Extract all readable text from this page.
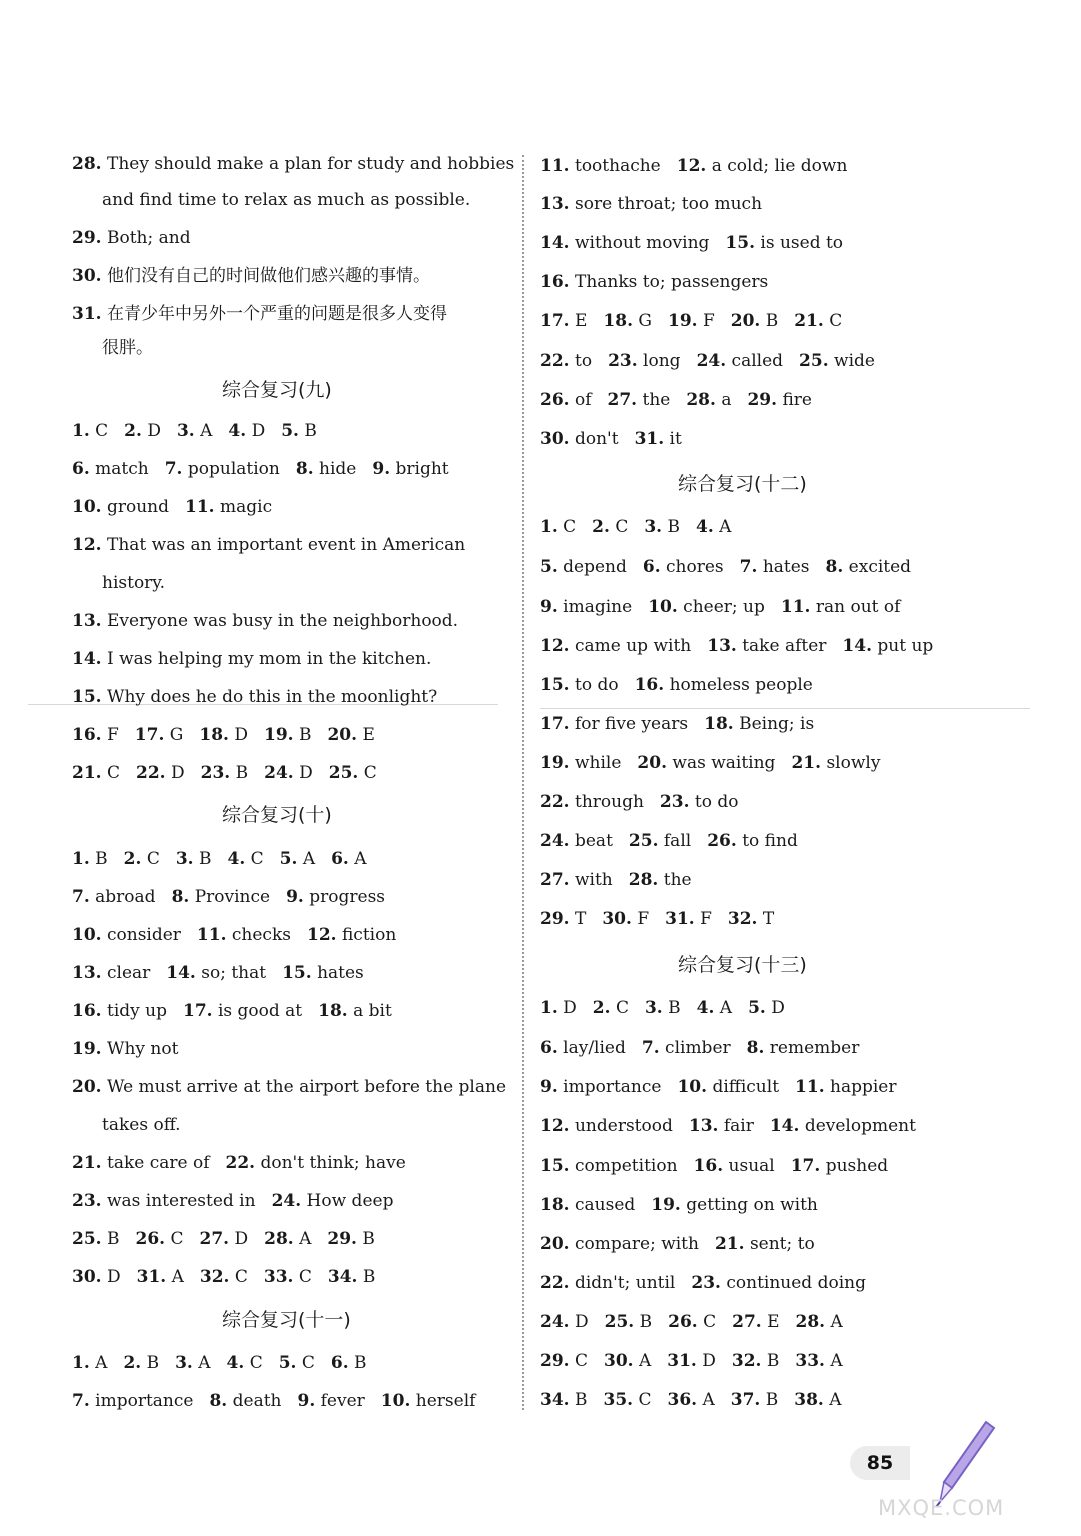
28. They should make a plan for study and hobbies
and find time to relax as much as possible.
29. Both; and
30. 他们没有自己的时间做他们感兴趣的事情。
31. 在青少年中另外一个严重的问题是很多人变得
很胖。
综合复习(九)
1. C 2. D 3. A 4. D 5. B
6. match 7. population 8. hide 9. bright
10. ground 11. magic
12. That was an important event in American
history.
13. Everyone was busy in the neighborhood.
14. I was helping my mom in the kitchen.
15. Why does he do this in the moonlight?
16. F 17. G 18. D 19. B 20. E
21. C 22. D 23. B 24. D 25. C
综合复习(十)
1. B 2. C 3. B 4. C 5. A 6. A
7. abroad 8. Province 9. progress
10. consider 11. checks 12. fiction
13. clear 14. so; that 15. hates
16. tidy up 17. is good at 18. a bit
19. Why not
20. We must arrive at the airport before the plane
takes off.
21. take care of 22. don't think; have
23. was interested in 24. How deep
25. B 26. C 27. D 28. A 29. B
30. D 31. A 32. C 33. C 34. B
综合复习(十一)
1. A 2. B 3. A 4. C 5. C 6. B
7. importance 8. death 9. fever 10. herself
11. toothache 12. a cold; lie down
13. sore throat; too much
14. without moving 15. is used to
16. Thanks to; passengers
17. E 18. G 19. F 20. B 21. C
22. to 23. long 24. called 25. wide
26. of 27. the 28. a 29. fire
30. don't 31. it
综合复习(十二)
1. C 2. C 3. B 4. A
5. depend 6. chores 7. hates 8. excited
9. imagine 10. cheer; up 11. ran out of
12. came up with 13. take after 14. put up
15. to do 16. homeless people
17. for five years 18. Being; is
19. while 20. was waiting 21. slowly
22. through 23. to do
24. beat 25. fall 26. to find
27. with 28. the
29. T 30. F 31. F 32. T
综合复习(十三)
1. D 2. C 3. B 4. A 5. D
6. lay/lied 7. climber 8. remember
9. importance 10. difficult 11. happier
12. understood 13. fair 14. development
15. competition 16. usual 17. pushed
18. caused 19. getting on with
20. compare; with 21. sent; to
22. didn't; until 23. continued doing
24. D 25. B 26. C 27. E 28. A
29. C 30. A 31. D 32. B 33. A
34. B 35. C 36. A 37. B 38. A
85
MXQE.COM
